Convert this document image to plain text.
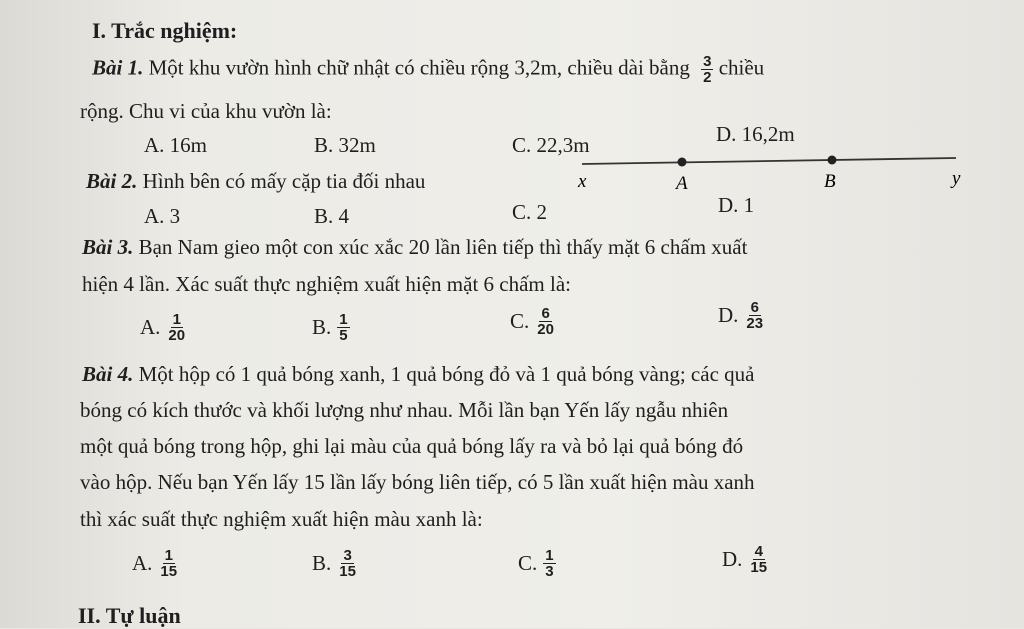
I. Trắc nghiệm:
Bài 1. Một khu vườn hình chữ nhật có chiều rộng 3,2m, chiều dài bằng $\frac{3}{2}$ chiều
rộng. Chu vi của khu vườn là:
A. 16m	B. 32m	C. 22,3m	D. 16,2m
Bài 2. Hình bên có mấy cặp tia đối nhau	x	A	B	y
A. 3	B. 4	C. 2	D. 1
Bài 3. Bạn Nam gieo một con xúc xắc 20 lần liên tiếp thì thấy mặt 6 chấm xuất
hiện 4 lần. Xác suất thực nghiệm xuất hiện mặt 6 chấm là:
A. $\frac{1}{20}$	B. $\frac{1}{5}$	C. $\frac{6}{20}$	D. $\frac{6}{23}$
Bài 4. Một hộp có 1 quả bóng xanh, 1 quả bóng đỏ và 1 quả bóng vàng; các quả
bóng có kích thước và khối lượng như nhau. Mỗi lần bạn Yến lấy ngẫu nhiên
một quả bóng trong hộp, ghi lại màu của quả bóng lấy ra và bỏ lại quả bóng đó
vào hộp. Nếu bạn Yến lấy 15 lần lấy bóng liên tiếp, có 5 lần xuất hiện màu xanh
thì xác suất thực nghiệm xuất hiện màu xanh là:
A. $\frac{1}{15}$	B. $\frac{3}{15}$	C. $\frac{1}{3}$	D. $\frac{4}{15}$
II. Tự luận
